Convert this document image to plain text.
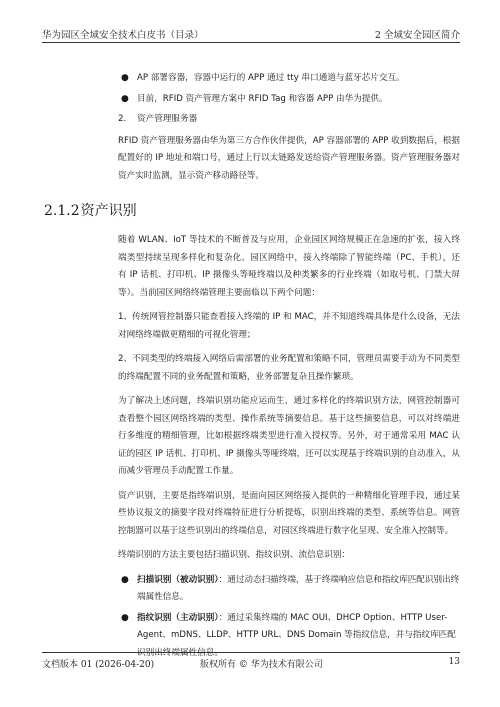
华为园区全域安全技术白皮书（目录）	2 全域安全园区简介
● AP 部署容器，容器中运行的 APP 通过 tty 串口通道与蓝牙芯片交互。
● 目前，RFID 资产管理方案中 RFID Tag 和容器 APP 由华为提供。
2. 资产管理服务器

RFID 资产管理服务器由华为第三方合作伙伴提供，AP 容器部署的 APP 收到数据后，根据配置好的 IP 地址和端口号，通过上行以太链路发送给资产管理服务器。资产管理服务器对资产实时监测，显示资产移动路径等。

2.1.2资产识别

随着 WLAN、IoT 等技术的不断普及与应用，企业园区网络规模正在急速的扩张，接入终端类型持续呈现多样化和复杂化。园区网络中，接入终端除了智能终端（PC、手机），还有 IP 话机、打印机、IP 摄像头等哑终端以及种类繁多的行业终端（如取号机、门禁大屏等）。当前园区网络终端管理主要面临以下两个问题：

1、传统网管控制器只能查看接入终端的 IP 和 MAC，并不知道终端具体是什么设备，无法对网络终端做更精细的可视化管理；

2、不同类型的终端接入网络后需部署的业务配置和策略不同，管理员需要手动为不同类型的终端配置不同的业务配置和策略，业务部署复杂且操作繁琐。

为了解决上述问题，终端识别功能应运而生，通过多样化的终端识别方法，网管控制器可查看整个园区网络终端的类型、操作系统等摘要信息。基于这些摘要信息，可以对终端进行多维度的精细管理，比如根据终端类型进行准入授权等。另外，对于通常采用 MAC 认证的园区 IP 话机、打印机、IP 摄像头等哑终端，还可以实现基于终端识别的自动准入，从而减少管理员手动配置工作量。

资产识别，主要是指终端识别，是面向园区网络接入提供的一种精细化管理手段，通过某些协议报文的摘要字段对终端特征进行分析提炼，识别出终端的类型、系统等信息。网管控制器可以基于这些识别出的终端信息，对园区终端进行数字化呈现、安全准入控制等。

终端识别的方法主要包括扫描识别、指纹识别、流信息识别：

● 扫描识别（被动识别）：通过动态扫描终端，基于终端响应信息和指纹库匹配识别出终端属性信息。
● 指纹识别（主动识别）：通过采集终端的 MAC OUI、DHCP Option、HTTP User-Agent、mDNS、LLDP、HTTP URL、DNS Domain 等指纹信息，并与指纹库匹配识别出终端属性信息。
文档版本 01 (2026-04-20)	版权所有 © 华为技术有限公司	13
